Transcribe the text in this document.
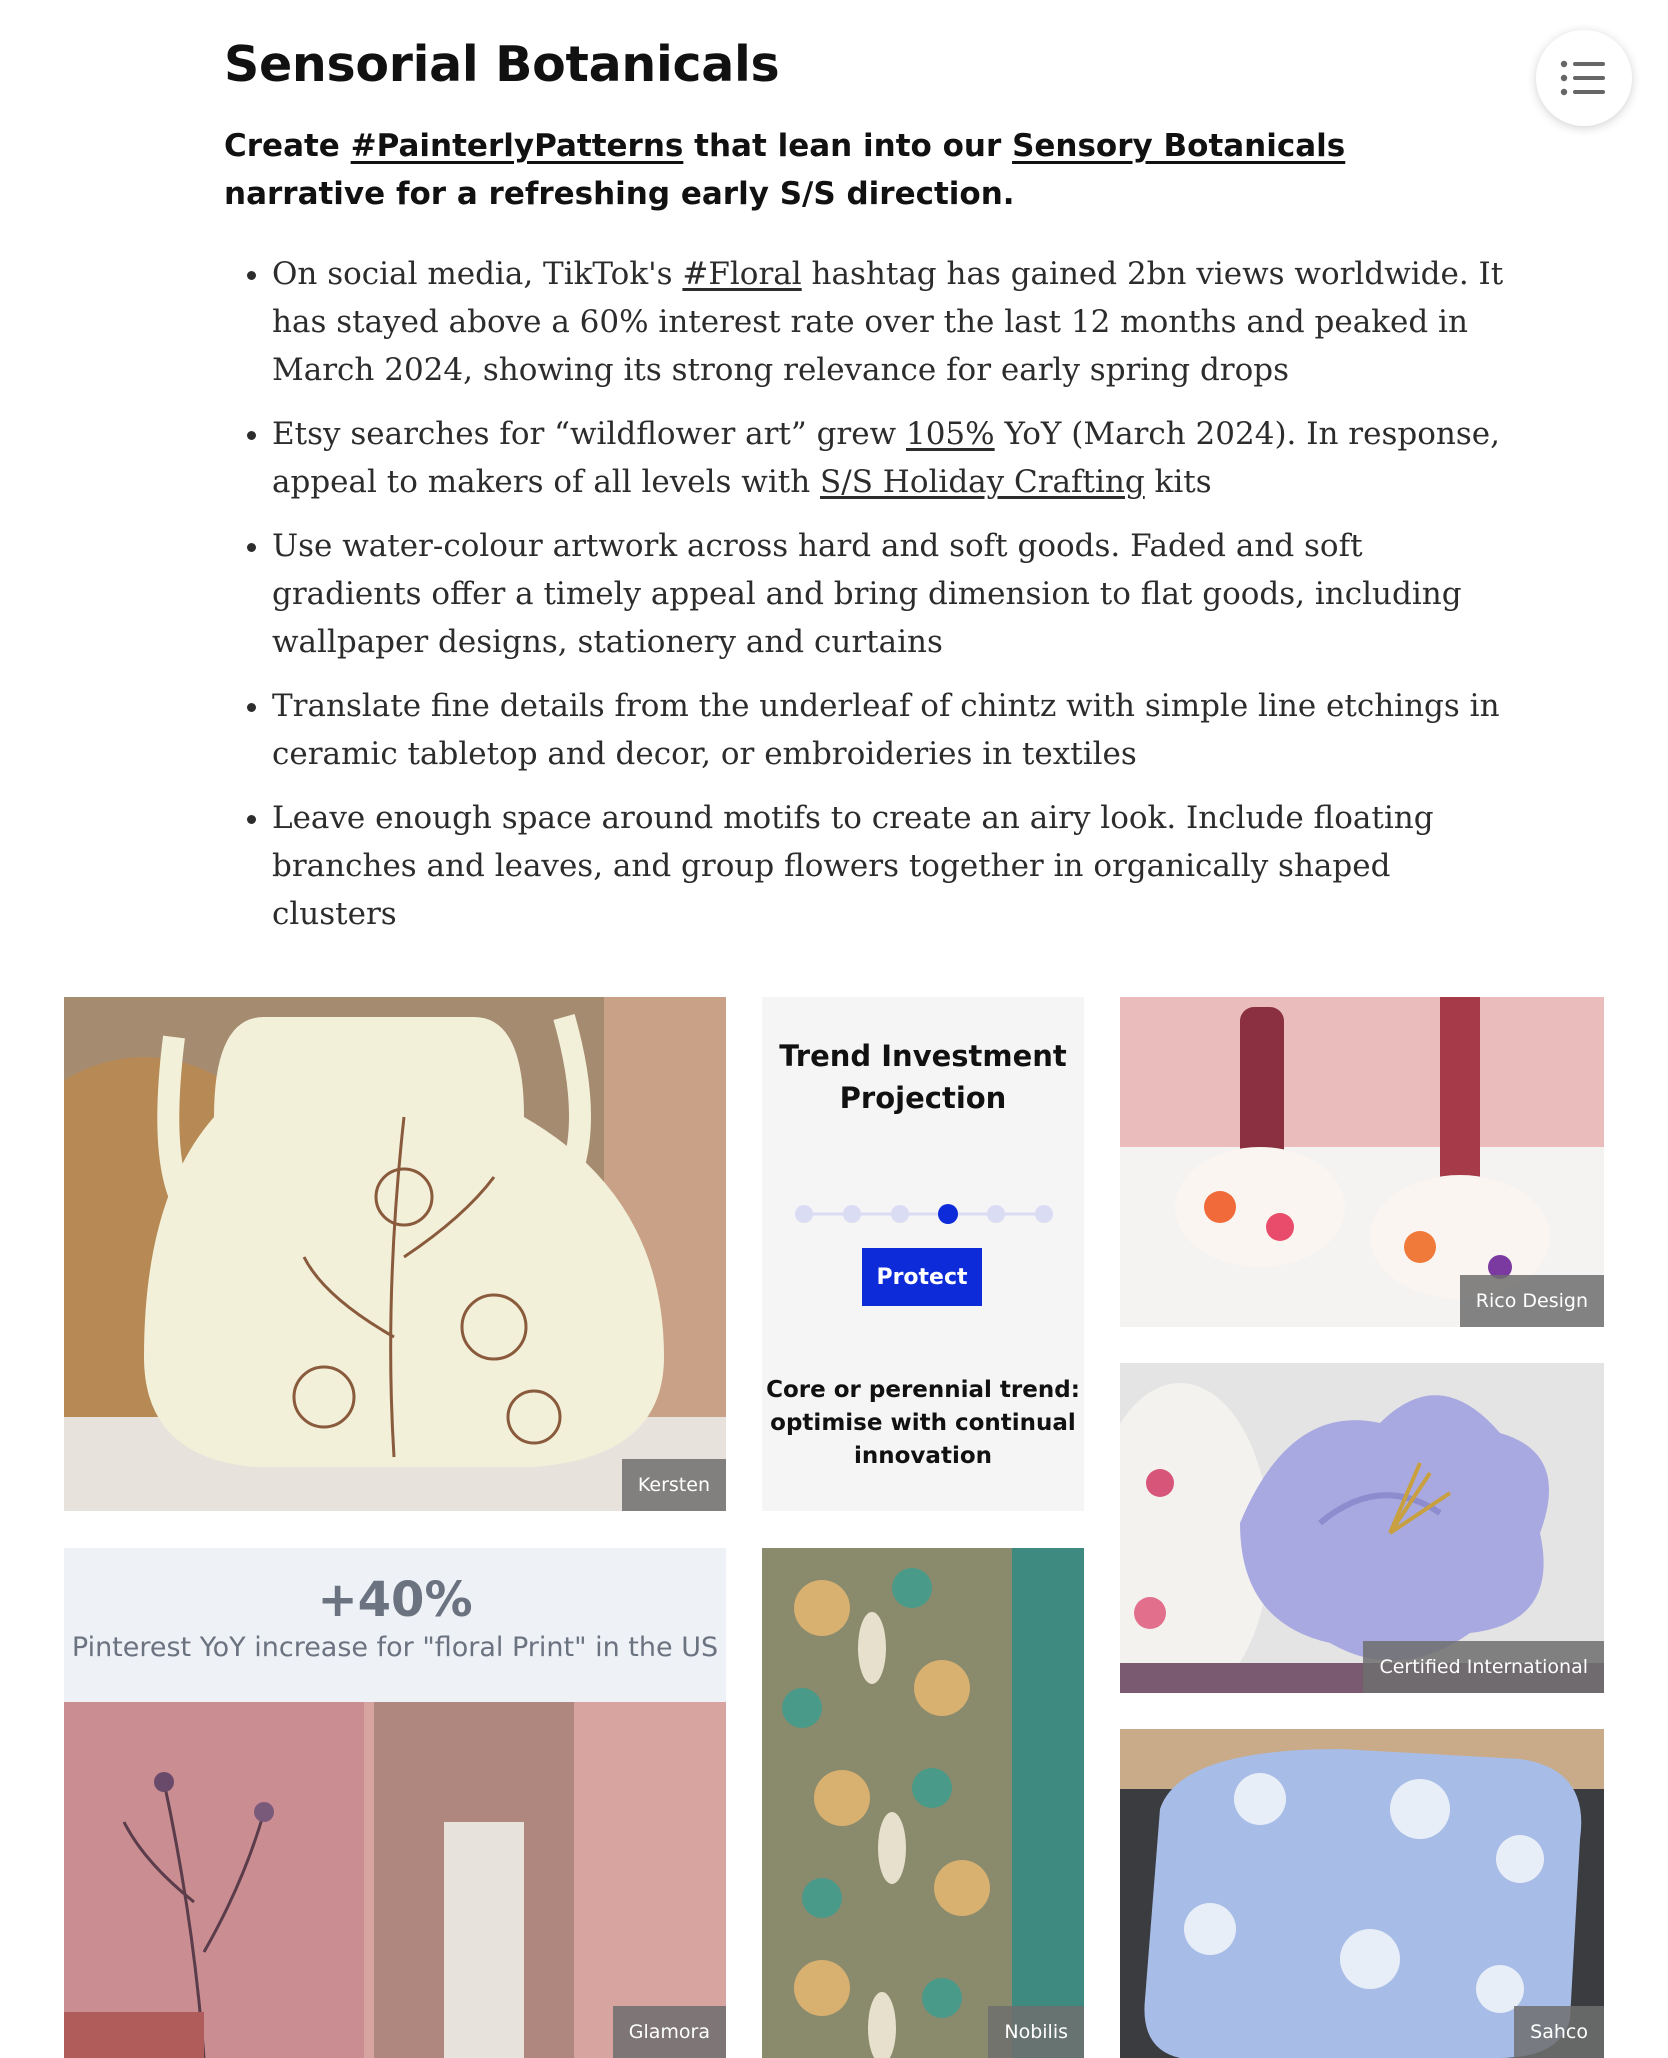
Sensorial Botanicals

Create #PainterlyPatterns that lean into our Sensory Botanicals narrative for a refreshing early S/S direction.

• On social media, TikTok's #Floral hashtag has gained 2bn views worldwide. It has stayed above a 60% interest rate over the last 12 months and peaked in March 2024, showing its strong relevance for early spring drops
• Etsy searches for “wildflower art” grew 105% YoY (March 2024). In response, appeal to makers of all levels with S/S Holiday Crafting kits
• Use water-colour artwork across hard and soft goods. Faded and soft gradients offer a timely appeal and bring dimension to flat goods, including wallpaper designs, stationery and curtains
• Translate fine details from the underleaf of chintz with simple line etchings in ceramic tabletop and decor, or embroideries in textiles
• Leave enough space around motifs to create an airy look. Include floating branches and leaves, and group flowers together in organically shaped clusters
Kersten
Trend Investment Projection

Core or perennial trend: optimise with continual innovation

Protect
Rico Design
Certified International
+40%
Pinterest YoY increase for "floral Print" in the US
Glamora	Nobilis	Sahco
